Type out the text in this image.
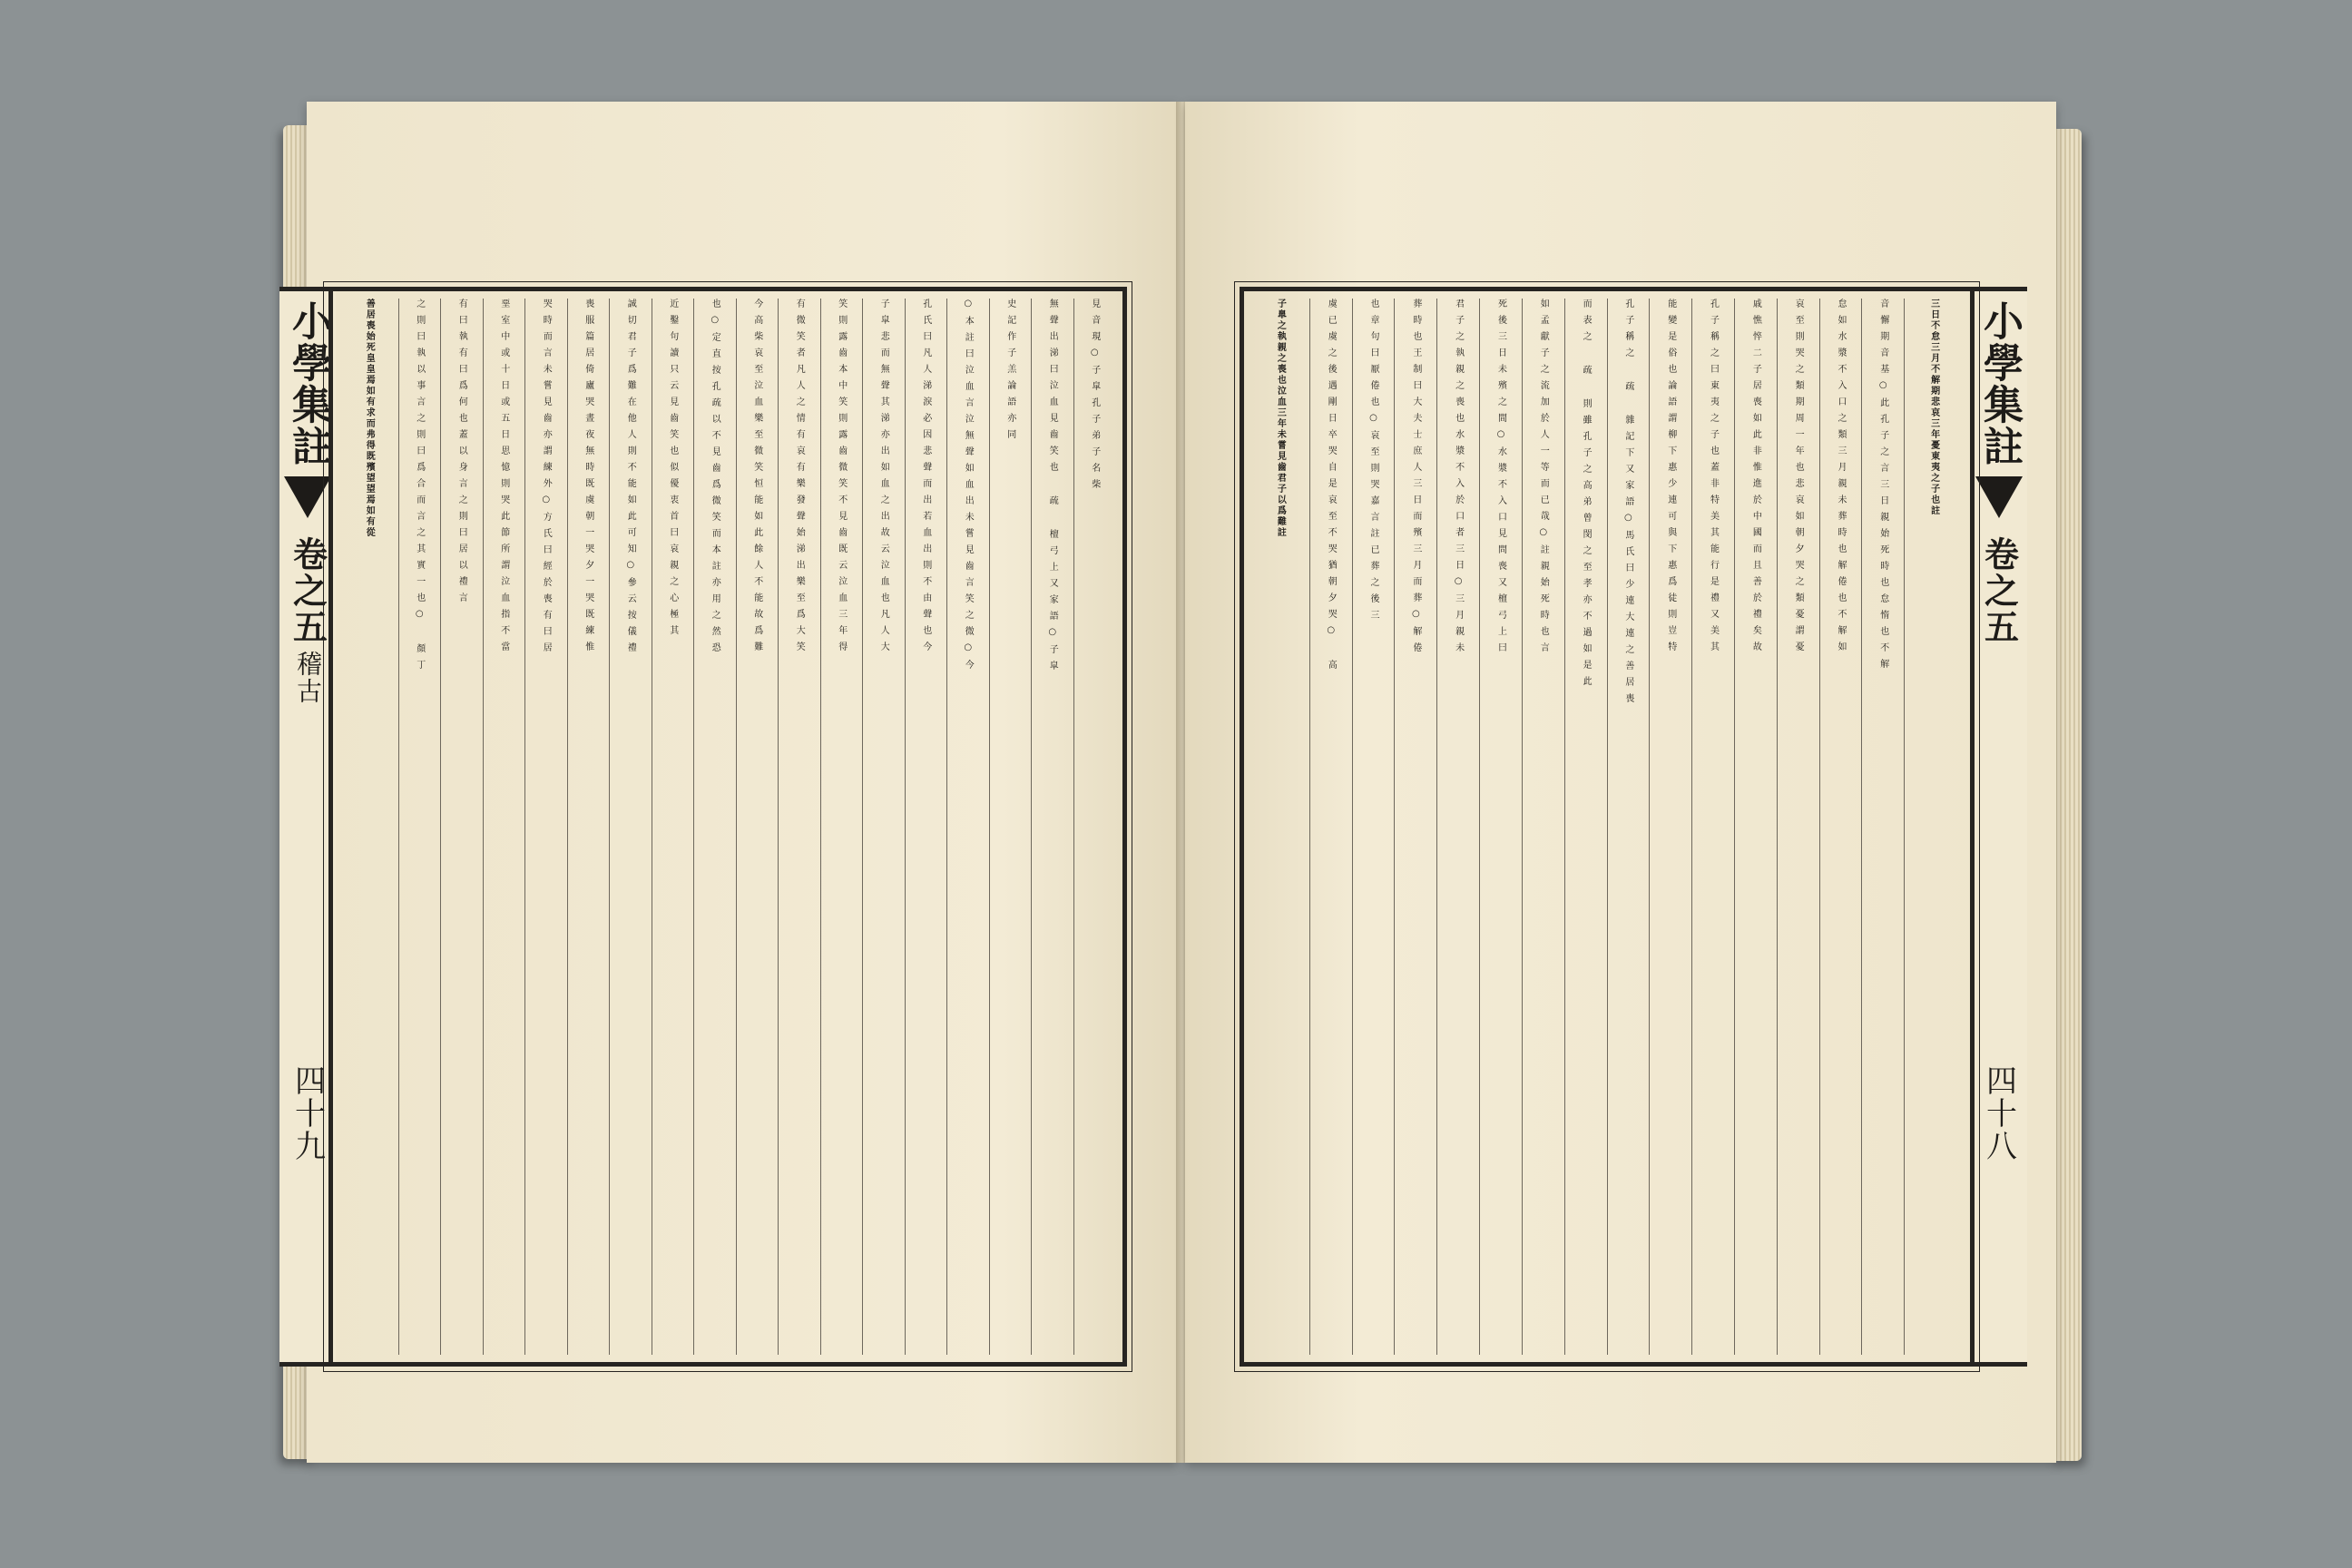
小學集註
卷之五
稽古
四十九
見音現○子皐孔子弟子名柴
無聲出涕曰泣血見齒笑也 疏 檀弓上又家語○子皐
史記作子羔論語亦同
○本註曰泣血言泣無聲如血出未嘗見齒言笑之微○今
孔氏曰凡人涕淚必因悲聲而出若血出則不由聲也今
子皐悲而無聲其涕亦出如血之出故云泣血也凡人大
笑則露齒本中笑則露齒微笑不見齒既云泣血三年得
有微笑者凡人之情有哀有樂發聲始涕出樂至爲大笑
今高柴哀至泣血樂至微笑恒能如此餘人不能故爲難
也○定直按孔疏以不見齒爲微笑而本註亦用之然恐
近鑿句讀只云見齒笑也似優衷首曰哀親之心極其
誠切君子爲難在他人則不能如此可知○參云按儀禮
喪服篇居倚廬哭晝夜無時既虞朝一哭夕一哭既練惟
哭時而言未嘗見齒亦謂練外○方氏曰經於喪有曰居
堊室中或十日或五日思憶則哭此節所謂泣血指不當
有曰執有曰爲何也蓋以身言之則曰居以禮言
之則曰執以事言之則曰爲合而言之其實一也○ 顏丁
善居喪始死皇皇焉如有求而弗得既殯望望焉如有從	小學集註
卷之五
四十八
三日不怠三月不解期悲哀三年憂東夷之子也註
音懈期音基○此孔子之言三日親始死時也怠惰也不解
怠如水漿不入口之類三月親未葬時也解倦也不解如
哀至則哭之類期周一年也悲哀如朝夕哭之類憂謂憂
戚憔悴二子居喪如此非惟進於中國而且善於禮矣故
孔子稱之曰東夷之子也蓋非特美其能行是禮又美其
能變是俗也論語謂柳下惠少連可與下惠爲徒則豈特
孔子稱之 疏 雜記下又家語○馬氏曰少連大連之善居喪
而表之 疏 則雖孔子之高弟曾閔之至孝亦不過如是此
如孟獻子之流加於人一等而已哉○註親始死時也言
死後三日未殯之間○水漿不入口見問喪又檀弓上曰
君子之執親之喪也水漿不入於口者三日○三月親未
葬時也王制曰大夫士庶人三日而殯三月而葬○解倦
也章句曰厭倦也○哀至則哭嘉言註已葬之後三
虞已虞之後遇剛日卒哭自是哀至不哭猶朝夕哭○ 高
子臯之執親之喪也泣血三年未嘗見齒君子以爲難註
